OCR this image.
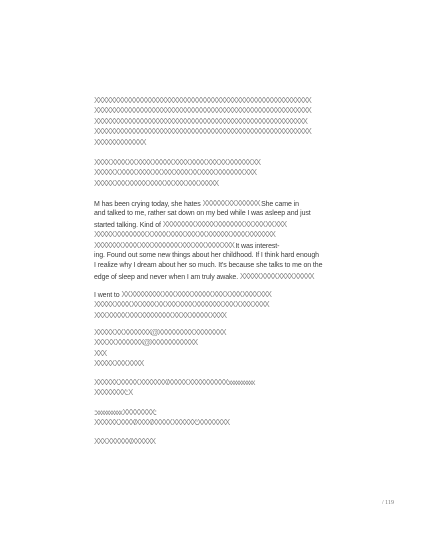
XXXXXXXXXXXXXXXXXXXXXXXXXXXXXXXXXXXXXXXXXXXXXXXXXXXXXXX
XXXXXXXXXXXXXXXXXXXXXXXXXXXXXXXXXXXXXXXXXXXXXXXXXXXXXXX
XXXXXXXXXXXXXXXXXXXXXXXXXXXXXXXXXXXXXXXXXXXXXXXXXXXXXX
XXXXXXXXXXXXXXXXXXXXXXXXXXXXXXXXXXXXXXXXXXXXXXXXXXXXXXX
XXXXXXXXXXXXX
XXXX XXXX XX XXXX XXXXX XXXX XXXX XXX XX XXXXXX XX
XXXXX X XXXX XXXX XX XXX XXXX XX XXXX XXXXXXX XXX
XXXXX XXX XXXXX XXXX XX XXX XXX XXXXX
M has been crying today, she hates XXXXXX XX XXXXXX She came in
and talked to me, rather sat down on my bed while I was asleep and just
started talking. Kind of XXXXXXXX XXXXX XXXXXXX XX XXX XX XXX
XXXXX XXXXXXXX X XXXX XXXX XXX XX XXXXXX XXXX XXXXXXX
XXXXXXX XXXX XXX XXXXXXX XXX XXX XXXX XXX It was interest-
ing. Found out some new things about her childhood. If I think hard enough
I realize why I dream about her so much. It's because she talks to me on the
edge of sleep and never when I am truly awake. XXXXX XXXX XXXX XXXXX
I went to XX XXXXXXXX XXX XXXX XXXXX XXX X XXX XXXX XXX
XXXXX XXXX XX XXXX XX XXX XXXX XXXXXXX XXX X XXX XXXX
XXX XXXXX XXX XXXXXXXX XX XX XXXXX XXXX
XXXXX XX XXXXXXX@XXXXXXXXX XXXXXXXX
XXX XX XXXXXXX@XXXXXXXXXXXX
XXX
XXXXX XXX XXXX
XXXXXX.XXXXX XXXXXXX/XXXXX XXXXXXXXXX:xxxxxxxxxx
XXXXXXXX:: X
::xxxxxxxxxx XXXXXXXX::
XXXXXX.XXXX/XXXX/XXXXX XXXXXX::XXXXXXXX
XXX XXXXXX/XXXXXX
/ 119
